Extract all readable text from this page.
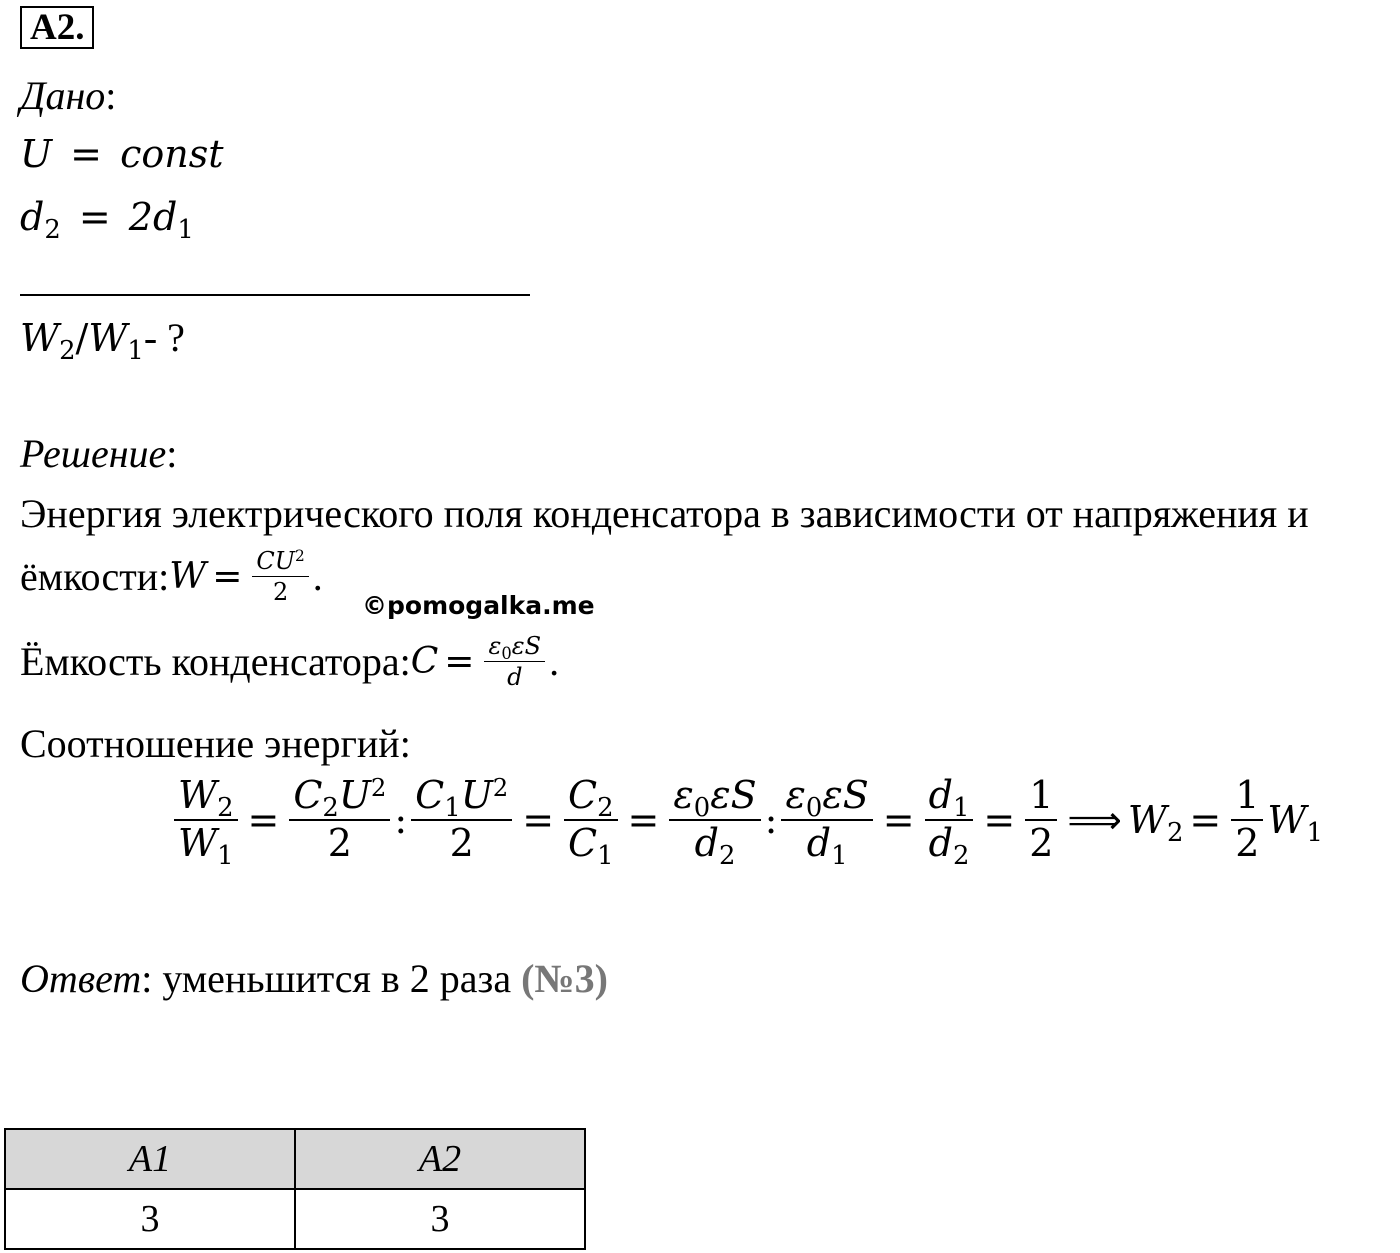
A2.
Дано:
U = const
$d_2 = 2d_1$
$W_2/W_1-$ ?
Решение:
Энергия электрического поля конденсатора в зависимости от напряжения и
ёмкости: $W = \frac{CU^2}{2}$ .
©pomogalka.me
Ёмкость конденсатора: $C = \frac{\varepsilon_0\varepsilon S}{d}$ .
Соотношение энергий:
$\frac{W_2}{W_1} = \frac{C_2U^2}{2}$ : $\frac{C_1U^2}{2} = \frac{C_2}{C_1} = \frac{\varepsilon_0\varepsilon S}{d_2}$ : $\frac{\varepsilon_0\varepsilon S}{d_1} = \frac{d_1}{d_2} = \frac{1}{2}$ ⟹ $W_2 = \frac{1}{2} W_1$
Ответ: уменьшится в 2 раза (№3)
A1	A2
3	3
